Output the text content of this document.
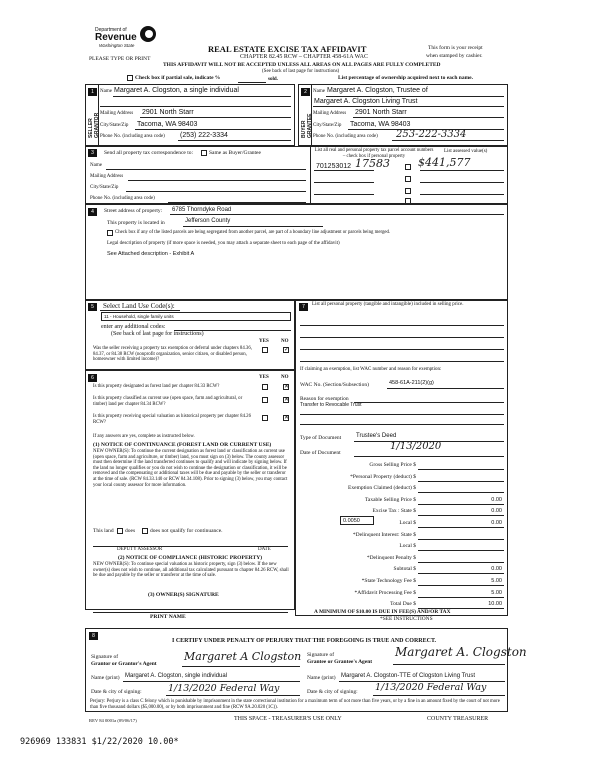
Department of
Revenue
Washington State
PLEASE TYPE OR PRINT
REAL ESTATE EXCISE TAX AFFIDAVIT
CHAPTER 82.45 RCW – CHAPTER 458-61A WAC
THIS AFFIDAVIT WILL NOT BE ACCEPTED UNLESS ALL AREAS ON ALL PAGES ARE FULLY COMPLETED
(See back of last page for instructions)
This form is your receipt
when stamped by cashier.
Check box if partial sale, indicate %	sold.	List percentage of ownership acquired next to each name.
1
SELLER GRANTOR
Name Margaret A. Clogston, a single individual
Mailing Address 2901 North Starr
City/State/Zip Tacoma, WA 98403
Phone No. (including area code) (253) 222-3334
2
BUYER GRANTEE
Name Margaret A. Clogston, Trustee of
Margaret A. Clogston Living Trust
Mailing Address 2901 North Starr
City/State/Zip Tacoma, WA 98403
Phone No. (including area code) 253-222-3334
3	Send all property tax correspondence to:	Same as Buyer/Grantee
Name
Mailing Address
City/State/Zip
Phone No. (including area code)
List all real and personal property tax parcel account numbers – check box if personal property
List assessed value(s)
701253012 17583	$441,577
4	Street address of property: 6785 Thorndyke Road
This property is located in	Jefferson County
Check box if any of the listed parcels are being segregated from another parcel, are part of a boundary line adjustment or parcels being merged.
Legal description of property (if more space is needed, you may attach a separate sheet to each page of the affidavit)
See Attached description - Exhibit A
5	Select Land Use Code(s):
11 - Household, single family units
enter any additional codes:
(See back of last page for instructions)
YES NO
Was the seller receiving a property tax exemption or deferral under chapters 84.36, 84.37, or 84.38 RCW (nonprofit organization, senior citizen, or disabled person, homeowner with limited income)?
✓
6	YES NO
Is this property designated as forest land per chapter 84.33 RCW?	✕
Is this property classified as current use (open space, farm and agricultural, or timber) land per chapter 84.34 RCW?
✕
Is this property receiving special valuation as historical property per chapter 84.26 RCW?
✕
If any answers are yes, complete as instructed below.
(1) NOTICE OF CONTINUANCE (FOREST LAND OR CURRENT USE)
NEW OWNER(S): To continue the current designation as forest land or classification as current use (open space, farm and agriculture, or timber) land, you must sign on (3) below. The county assessor must then determine if the land transferred continues to qualify and will indicate by signing below. If the land no longer qualifies or you do not wish to continue the designation or classification, it will be removed and the compensating or additional taxes will be due and payable by the seller or transferor at the time of sale. (RCW 84.33.140 or RCW 84.34.108). Prior to signing (3) below, you may contact your local county assessor for more information.
This land does	does not qualify for continuance.
DEPUTY ASSESSOR	DATE
(2) NOTICE OF COMPLIANCE (HISTORIC PROPERTY)
NEW OWNER(S): To continue special valuation as historic property, sign (3) below. If the new owner(s) does not wish to continue, all additional tax calculated pursuant to chapter 84.26 RCW, shall be due and payable by the seller or transferor at the time of sale.
(3) OWNER(S) SIGNATURE
PRINT NAME
7	List all personal property (tangible and intangible) included in selling price.
If claiming an exemption, list WAC number and reason for exemption:
WAC No. (Section/Subsection)	458-61A-211(2)(g)
Reason for exemption
Transfer to Revocable Trust
Type of Document Trustee's Deed
Date of Document
1/13/2020
Gross Selling Price $
*Personal Property (deduct) $
Exemption Claimed (deduct) $
Taxable Selling Price $	0.00
Excise Tax : State $	0.00
Local $	0.00
*Delinquent Interest: State $
Local $
*Delinquent Penalty $
Subtotal $	0.00
*State Technology Fee $	5.00
*Affidavit Processing Fee $	5.00
Total Due $	10.00
0.0050
A MINIMUM OF $10.00 IS DUE IN FEE(S) AND/OR TAX
*SEE INSTRUCTIONS
8
I CERTIFY UNDER PENALTY OF PERJURY THAT THE FOREGOING IS TRUE AND CORRECT.
Signature of
Grantor or Grantor's Agent
Margaret A Clogston Signature of
Grantee or Grantee's Agent
Margaret A. Clogston
Name (print) Margaret A. Clogston, single individual	Name (print) Margaret A. Clogston-TTE of Clogston Living Trust
Date & city of signing:	1/13/2020 Federal Way	Date & city of signing: 1/13/2020 Federal Way
Perjury: Perjury is a class C felony which is punishable by imprisonment in the state correctional institution for a maximum term of not more than five years, or by a fine in an amount fixed by the court of not more than five thousand dollars ($5,000.00), or by both imprisonment and fine (RCW 9A.20.020 (1C)).
REV 84 0001a (09/06/17)	THIS SPACE - TREASURER'S USE ONLY	COUNTY TREASURER
926969 133831 $1/22/2020 10.00*
